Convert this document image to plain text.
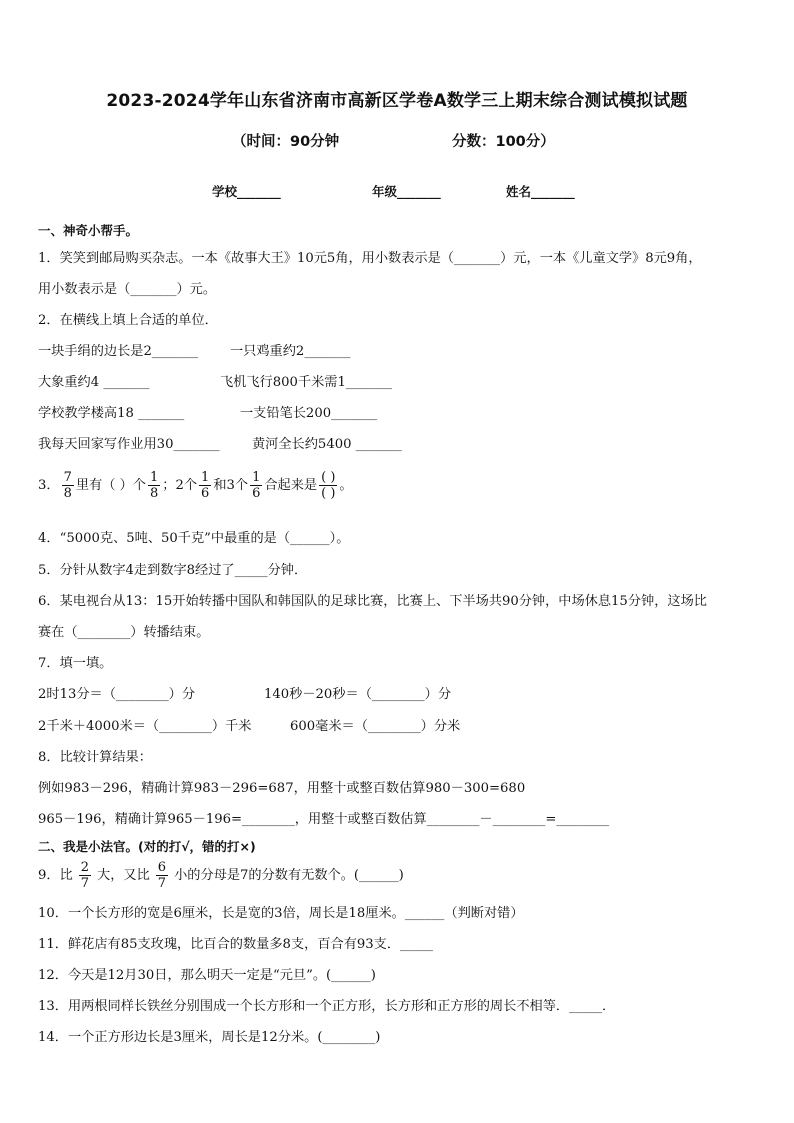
2023-2024学年山东省济南市高新区学卷A数学三上期末综合测试模拟试题
（时间：90分钟	分数：100分）
学校_______	年级_______	姓名_______
一、神奇小帮手。
1．笑笑到邮局购买杂志。一本《故事大王》10元5角，用小数表示是（_______）元，一本《儿童文学》8元9角，
用小数表示是（_______）元。
2．在横线上填上合适的单位．
一块手绢的边长是2_______ 一只鸡重约2_______
大象重约4 _______	飞机飞行800千米需1_______
学校教学楼高18 _______	一支铅笔长200_______
我每天回家写作业用30_______ 黄河全长约5400 _______
3． $\frac{7}{8}$ 里有（ ）个 $\frac{1}{8}$ ；2个 $\frac{1}{6}$ 和3个 $\frac{1}{6}$ 合起来是 $\frac{( )}{( )}$ 。
4．“5000克、5吨、50千克”中最重的是（______）。
5．分针从数字4走到数字8经过了_____分钟．
6．某电视台从13：15开始转播中国队和韩国队的足球比赛，比赛上、下半场共90分钟，中场休息15分钟，这场比
赛在（________）转播结束。
7．填一填。
2时13分＝（________）分	140秒－20秒＝（________）分
2千米＋4000米＝（________）千米	600毫米＝（________）分米
8．比较计算结果：
例如983－296，精确计算983－296=687，用整十或整百数估算980－300=680
965－196，精确计算965－196=________，用整十或整百数估算________－________=________
二、我是小法官。(对的打√，错的打×)
9．比 $\frac{2}{7}$ 大，又比 $\frac{6}{7}$ 小的分母是7的分数有无数个。(______)
10．一个长方形的宽是6厘米，长是宽的3倍，周长是18厘米。______（判断对错）
11．鲜花店有85支玫瑰，比百合的数量多8支，百合有93支．_____
12．今天是12月30日，那么明天一定是“元旦”。(______)
13．用两根同样长铁丝分别围成一个长方形和一个正方形，长方形和正方形的周长不相等．_____．
14．一个正方形边长是3厘米，周长是12分米。(________)
